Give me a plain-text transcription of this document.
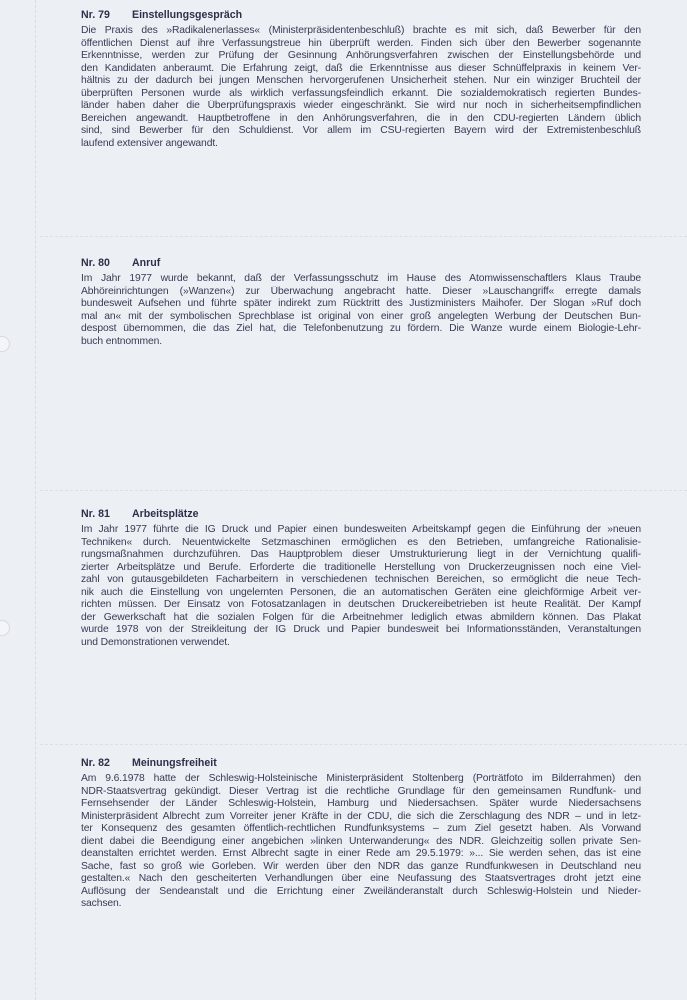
Nr. 79 Einstellungsgespräch
Die Praxis des »Radikalenerlasses« (Ministerpräsidentenbeschluß) brachte es mit sich, daß Bewerber für den
öffentlichen Dienst auf ihre Verfassungstreue hin überprüft werden. Finden sich über den Bewerber sogenannte
Erkenntnisse, werden zur Prüfung der Gesinnung Anhörungsverfahren zwischen der Einstellungsbehörde und
den Kandidaten anberaumt. Die Erfahrung zeigt, daß die Erkenntnisse aus dieser Schnüffelpraxis in keinem Ver-
hältnis zu der dadurch bei jungen Menschen hervorgerufenen Unsicherheit stehen. Nur ein winziger Bruchteil der
überprüften Personen wurde als wirklich verfassungsfeindlich erkannt. Die sozialdemokratisch regierten Bundes-
länder haben daher die Überprüfungspraxis wieder eingeschränkt. Sie wird nur noch in sicherheitsempfindlichen
Bereichen angewandt. Hauptbetroffene in den Anhörungsverfahren, die in den CDU-regierten Ländern üblich
sind, sind Bewerber für den Schuldienst. Vor allem im CSU-regierten Bayern wird der Extremistenbeschluß
laufend extensiver angewandt.
Nr. 80 Anruf
Im Jahr 1977 wurde bekannt, daß der Verfassungsschutz im Hause des Atomwissenschaftlers Klaus Traube
Abhöreinrichtungen (»Wanzen«) zur Überwachung angebracht hatte. Dieser »Lauschangriff« erregte damals
bundesweit Aufsehen und führte später indirekt zum Rücktritt des Justizministers Maihofer. Der Slogan »Ruf doch
mal an« mit der symbolischen Sprechblase ist original von einer groß angelegten Werbung der Deutschen Bun-
despost übernommen, die das Ziel hat, die Telefonbenutzung zu fördern. Die Wanze wurde einem Biologie-Lehr-
buch entnommen.
Nr. 81 Arbeitsplätze
Im Jahr 1977 führte die IG Druck und Papier einen bundesweiten Arbeitskampf gegen die Einführung der »neuen
Techniken« durch. Neuentwickelte Setzmaschinen ermöglichen es den Betrieben, umfangreiche Rationalisie-
rungsmaßnahmen durchzuführen. Das Hauptproblem dieser Umstrukturierung liegt in der Vernichtung qualifi-
zierter Arbeitsplätze und Berufe. Erforderte die traditionelle Herstellung von Druckerzeugnissen noch eine Viel-
zahl von gutausgebildeten Facharbeitern in verschiedenen technischen Bereichen, so ermöglicht die neue Tech-
nik auch die Einstellung von ungelernten Personen, die an automatischen Geräten eine gleichförmige Arbeit ver-
richten müssen. Der Einsatz von Fotosatzanlagen in deutschen Druckereibetrieben ist heute Realität. Der Kampf
der Gewerkschaft hat die sozialen Folgen für die Arbeitnehmer lediglich etwas abmildern können. Das Plakat
wurde 1978 von der Streikleitung der IG Druck und Papier bundesweit bei Informationsständen, Veranstaltungen
und Demonstrationen verwendet.
Nr. 82 Meinungsfreiheit
Am 9.6.1978 hatte der Schleswig-Holsteinische Ministerpräsident Stoltenberg (Porträtfoto im Bilderrahmen) den
NDR-Staatsvertrag gekündigt. Dieser Vertrag ist die rechtliche Grundlage für den gemeinsamen Rundfunk- und
Fernsehsender der Länder Schleswig-Holstein, Hamburg und Niedersachsen. Später wurde Niedersachsens
Ministerpräsident Albrecht zum Vorreiter jener Kräfte in der CDU, die sich die Zerschlagung des NDR – und in letz-
ter Konsequenz des gesamten öffentlich-rechtlichen Rundfunksystems – zum Ziel gesetzt haben. Als Vorwand
dient dabei die Beendigung einer angebichen »linken Unterwanderung« des NDR. Gleichzeitig sollen private Sen-
deanstalten errichtet werden. Ernst Albrecht sagte in einer Rede am 29.5.1979: »... Sie werden sehen, das ist eine
Sache, fast so groß wie Gorleben. Wir werden über den NDR das ganze Rundfunkwesen in Deutschland neu
gestalten.« Nach den gescheiterten Verhandlungen über eine Neufassung des Staatsvertrages droht jetzt eine
Auflösung der Sendeanstalt und die Errichtung einer Zweiländeranstalt durch Schleswig-Holstein und Nieder-
sachsen.
